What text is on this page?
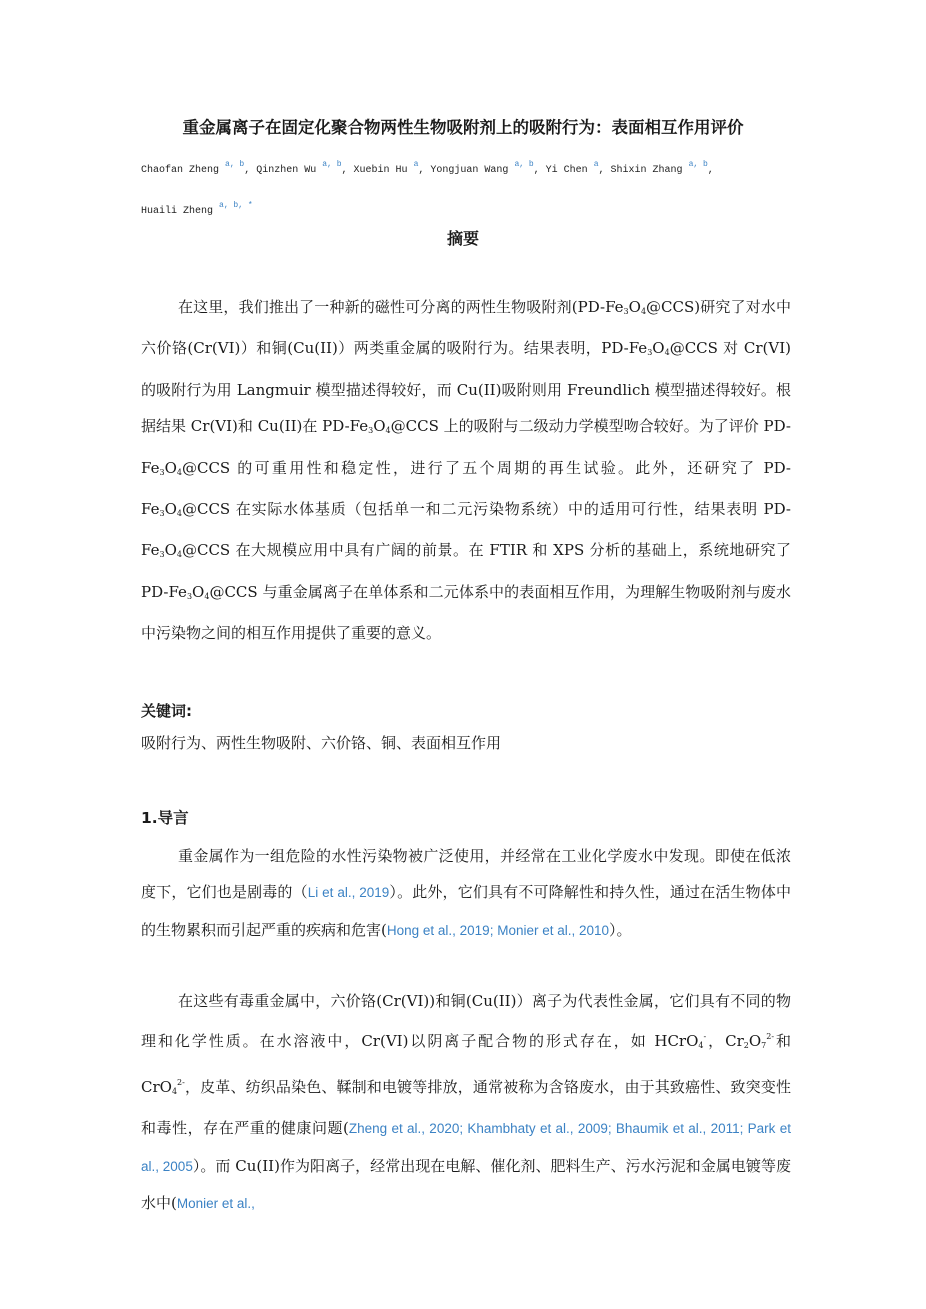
重金属离子在固定化聚合物两性生物吸附剂上的吸附行为：表面相互作用评价
Chaofan Zheng $^{a, b}$, Qinzhen Wu $^{a, b}$, Xuebin Hu $^a$, Yongjuan Wang $^{a, b}$, Yi Chen $^a$, Shixin Zhang $^{a, b}$,
Huaili Zheng $^{a, b, *}$
摘要
在这里，我们推出了一种新的磁性可分离的两性生物吸附剂$(PD-Fe_3O_4@CCS)$研究了对水中六价铬(Cr(VI)）和铜(Cu(II)）两类重金属的吸附行为。结果表明，$PD-Fe_3O_4@CCS$ 对 Cr(VI)的吸附行为用 Langmuir 模型描述得较好，而 Cu(II)吸附则用 Freundlich 模型描述得较好。根据结果 Cr(VI)和 Cu(II)在 $PD-Fe_3O_4@CCS$ 上的吸附与二级动力学模型吻合较好。为了评价 $PD-Fe_3O_4@CCS$ 的可重用性和稳定性，进行了五个周期的再生试验。此外，还研究了 $PD-Fe_3O_4@CCS$ 在实际水体基质（包括单一和二元污染物系统）中的适用可行性，结果表明 $PD-Fe_3O_4@CCS$ 在大规模应用中具有广阔的前景。在 FTIR 和 XPS 分析的基础上，系统地研究了 $PD-Fe_3O_4@CCS$ 与重金属离子在单体系和二元体系中的表面相互作用，为理解生物吸附剂与废水中污染物之间的相互作用提供了重要的意义。
关键词:
吸附行为、两性生物吸附、六价铬、铜、表面相互作用
1.导言
重金属作为一组危险的水性污染物被广泛使用，并经常在工业化学废水中发现。即使在低浓度下，它们也是剧毒的（Li et al., 2019）。此外，它们具有不可降解性和持久性，通过在活生物体中的生物累积而引起严重的疾病和危害(Hong et al., 2019; Monier et al., 2010）。
在这些有毒重金属中，六价铬(Cr(VI))和铜(Cu(II)）离子为代表性金属，它们具有不同的物理和化学性质。在水溶液中，Cr(VI)以阴离子配合物的形式存在，如 HCrO$_4$-，$Cr_2O_7^{2-}$和 CrO$_4^{2-}$，皮革、纺织品染色、鞣制和电镀等排放，通常被称为含铬废水，由于其致癌性、致突变性和毒性，存在严重的健康问题(Zheng et al., 2020; Khambhaty et al., 2009; Bhaumik et al., 2011; Park et al., 2005）。而 Cu(II)作为阳离子，经常出现在电解、催化剂、肥料生产、污水污泥和金属电镀等废水中(Monier et al.,
